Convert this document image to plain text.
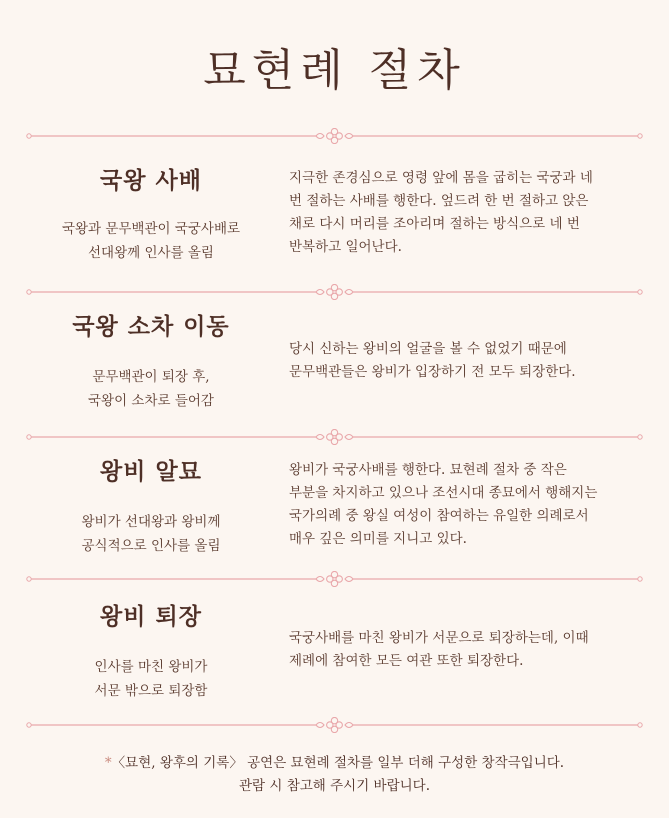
묘현례 절차
국왕 사배
국왕과 문무백관이 국궁사배로
선대왕께 인사를 올림
지극한 존경심으로 영령 앞에 몸을 굽히는 국궁과 네
번 절하는 사배를 행한다. 엎드려 한 번 절하고 앉은
채로 다시 머리를 조아리며 절하는 방식으로 네 번
반복하고 일어난다.
국왕 소차 이동
문무백관이 퇴장 후,
국왕이 소차로 들어감
당시 신하는 왕비의 얼굴을 볼 수 없었기 때문에
문무백관들은 왕비가 입장하기 전 모두 퇴장한다.
왕비 알묘
왕비가 선대왕과 왕비께
공식적으로 인사를 올림
왕비가 국궁사배를 행한다. 묘현례 절차 중 작은
부분을 차지하고 있으나 조선시대 종묘에서 행해지는
국가의례 중 왕실 여성이 참여하는 유일한 의례로서
매우 깊은 의미를 지니고 있다.
왕비 퇴장
인사를 마친 왕비가
서문 밖으로 퇴장함
국궁사배를 마친 왕비가 서문으로 퇴장하는데, 이때
제례에 참여한 모든 여관 또한 퇴장한다.
*〈묘현, 왕후의 기록〉 공연은 묘현례 절차를 일부 더해 구성한 창작극입니다.
관람 시 참고해 주시기 바랍니다.
